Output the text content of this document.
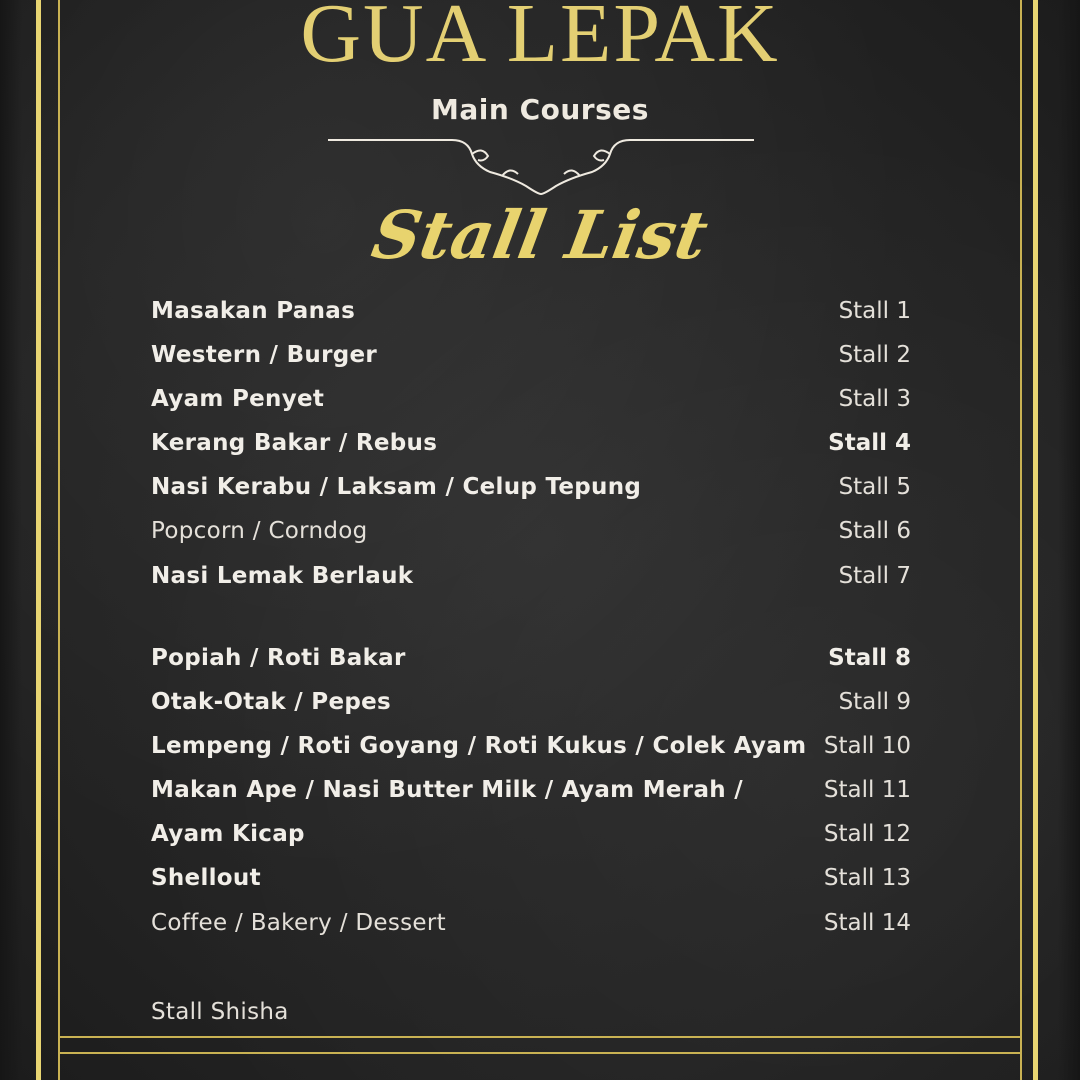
GUA LEPAK
Main Courses
Stall List
Masakan Panas	Stall 1
Western / Burger	Stall 2
Ayam Penyet	Stall 3
Kerang Bakar / Rebus	Stall 4
Nasi Kerabu / Laksam / Celup Tepung	Stall 5
Popcorn / Corndog	Stall 6
Nasi Lemak Berlauk	Stall 7
Popiah / Roti Bakar	Stall 8
Otak-Otak / Pepes	Stall 9
Lempeng / Roti Goyang / Roti Kukus / Colek Ayam Stall 10
Makan Ape / Nasi Butter Milk / Ayam Merah /	Stall 11
Ayam Kicap	Stall 12
Shellout	Stall 13
Coffee / Bakery / Dessert	Stall 14
Stall Shisha
